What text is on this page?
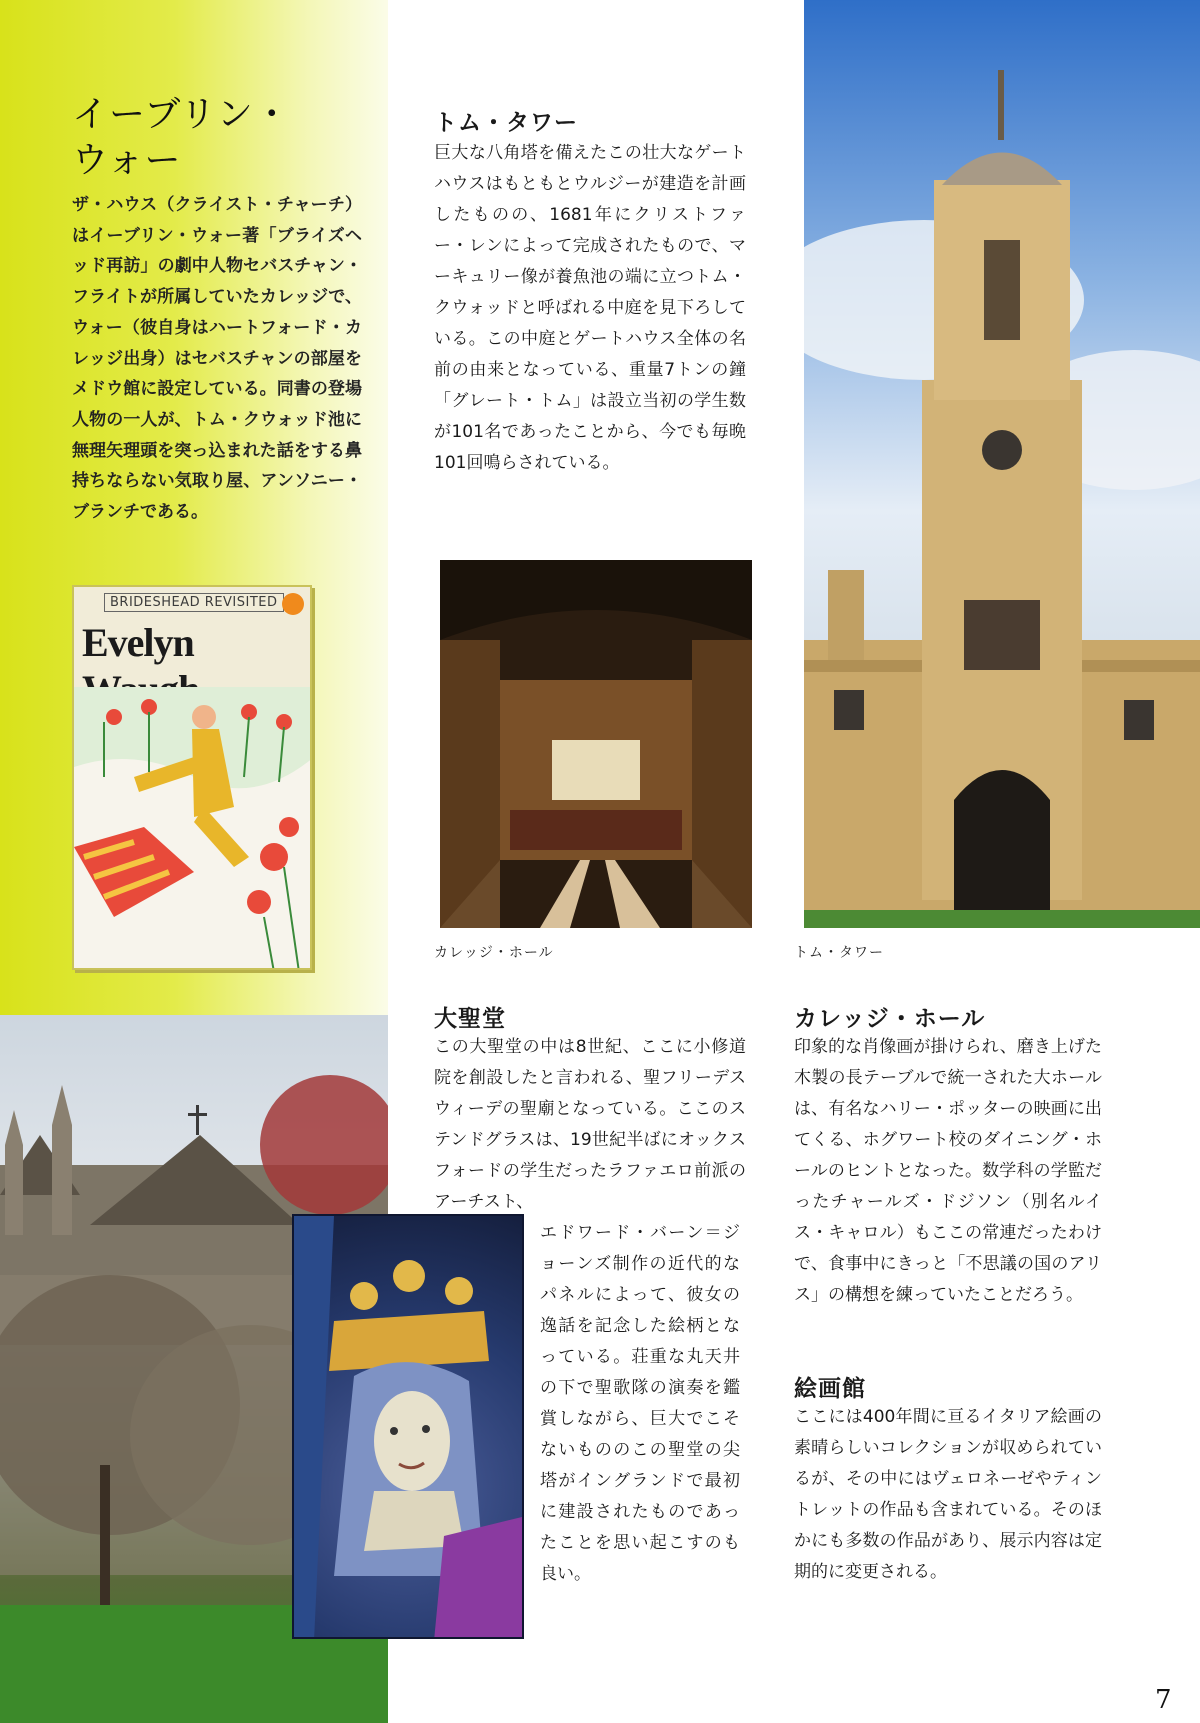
イーブリン・
ウォー

ザ・ハウス（クライスト・チャーチ）はイーブリン・ウォー著「ブライズヘッド再訪」の劇中人物セバスチャン・フライトが所属していたカレッジで、ウォー（彼自身はハートフォード・カレッジ出身）はセバスチャンの部屋をメドウ館に設定している。同書の登場人物の一人が、トム・クウォッド池に無理矢理頭を突っ込まれた話をする鼻持ちならない気取り屋、アンソニー・ブランチである。

BRIDESHEAD REVISITED
Evelyn
トム・タワー

巨大な八角塔を備えたこの壮大なゲートハウスはもともとウルジーが建造を計画したものの、1681年にクリストファー・レンによって完成されたもので、マーキュリー像が養魚池の端に立つトム・クウォッドと呼ばれる中庭を見下ろしている。この中庭とゲートハウス全体の名前の由来となっている、重量7トンの鐘「グレート・トム」は設立当初の学生数が101名であったことから、今でも毎晩101回鳴らされている。

カレッジ・ホール	トム・タワー
大聖堂

この大聖堂の中は8世紀、ここに小修道院を創設したと言われる、聖フリーデスウィーデの聖廟となっている。ここのステンドグラスは、19世紀半ばにオックスフォードの学生だったラファエロ前派のアーチスト、

エドワード・バーン＝ジョーンズ制作の近代的なパネルによって、彼女の逸話を記念した絵柄となっている。荘重な丸天井の下で聖歌隊の演奏を鑑賞しながら、巨大でこそないもののこの聖堂の尖塔がイングランドで最初に建設されたものであったことを思い起こすのも良い。

カレッジ・ホール

印象的な肖像画が掛けられ、磨き上げた木製の長テーブルで統一された大ホールは、有名なハリー・ポッターの映画に出てくる、ホグワート校のダイニング・ホールのヒントとなった。数学科の学監だったチャールズ・ドジソン（別名ルイス・キャロル）もここの常連だったわけで、食事中にきっと「不思議の国のアリス」の構想を練っていたことだろう。

絵画館

ここには400年間に亘るイタリア絵画の素晴らしいコレクションが収められているが、その中にはヴェロネーゼやティントレットの作品も含まれている。そのほかにも多数の作品があり、展示内容は定期的に変更される。

7
